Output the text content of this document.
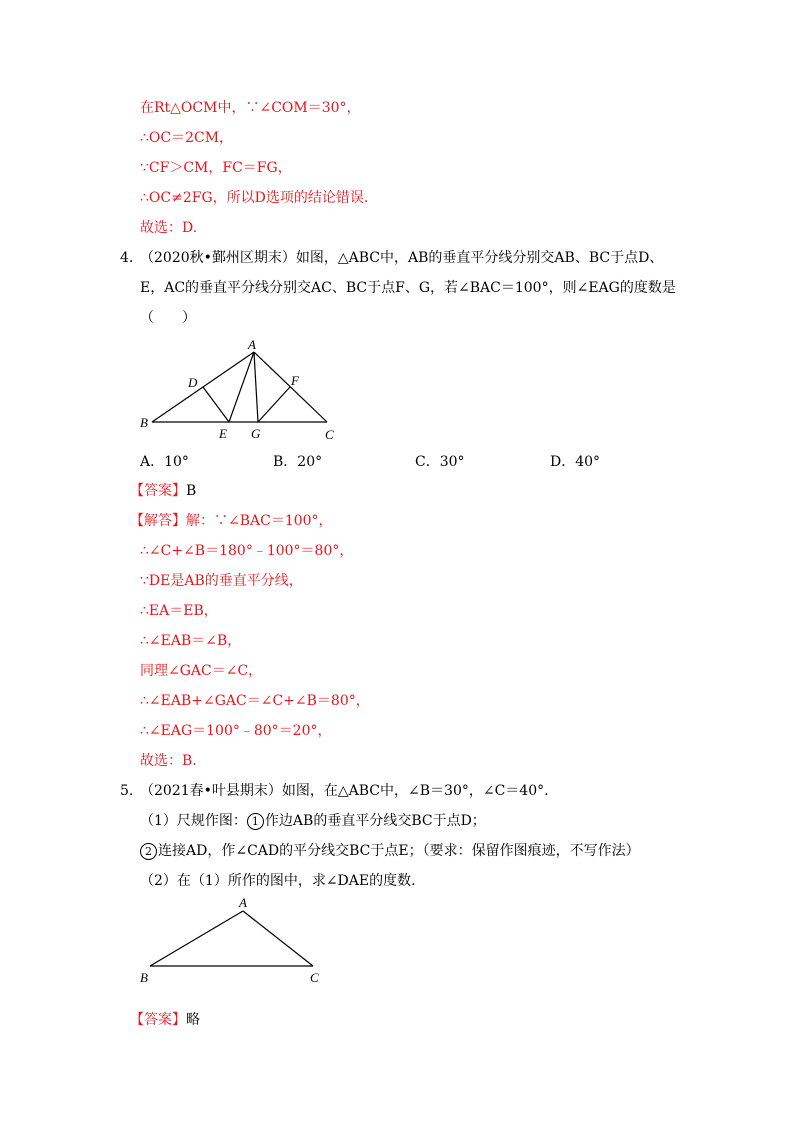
在Rt△OCM中，∵∠COM＝30°，
∴OC＝2CM，
∵CF＞CM，FC＝FG，
∴OC≠2FG，所以D选项的结论错误.
故选：D.
4. （2020秋•鄞州区期末）如图，△ABC中，AB的垂直平分线分别交AB、BC于点D、
E，AC的垂直平分线分别交AC、BC于点F、G，若∠BAC＝100°，则∠EAG的度数是
（　　）
A
B
C
D
E
F
G
A．10°	B．20°	C．30°	D．40°
【答案】B
【解答】解：∵∠BAC＝100°，
∴∠C+∠B＝180°﹣100°＝80°，
∵DE是AB的垂直平分线，
∴EA＝EB，
∴∠EAB＝∠B，
同理∠GAC＝∠C，
∴∠EAB+∠GAC＝∠C+∠B＝80°，
∴∠EAG＝100°﹣80°＝20°，
故选：B.
5. （2021春•叶县期末）如图，在△ABC中，∠B＝30°，∠C＝40°.
（1）尺规作图： 1 作边AB的垂直平分线交BC于点D；
2 连接AD，作∠CAD的平分线交BC于点E；（要求：保留作图痕迹，不写作法）
（2）在（1）所作的图中，求∠DAE的度数.
A
B	C
【答案】略
